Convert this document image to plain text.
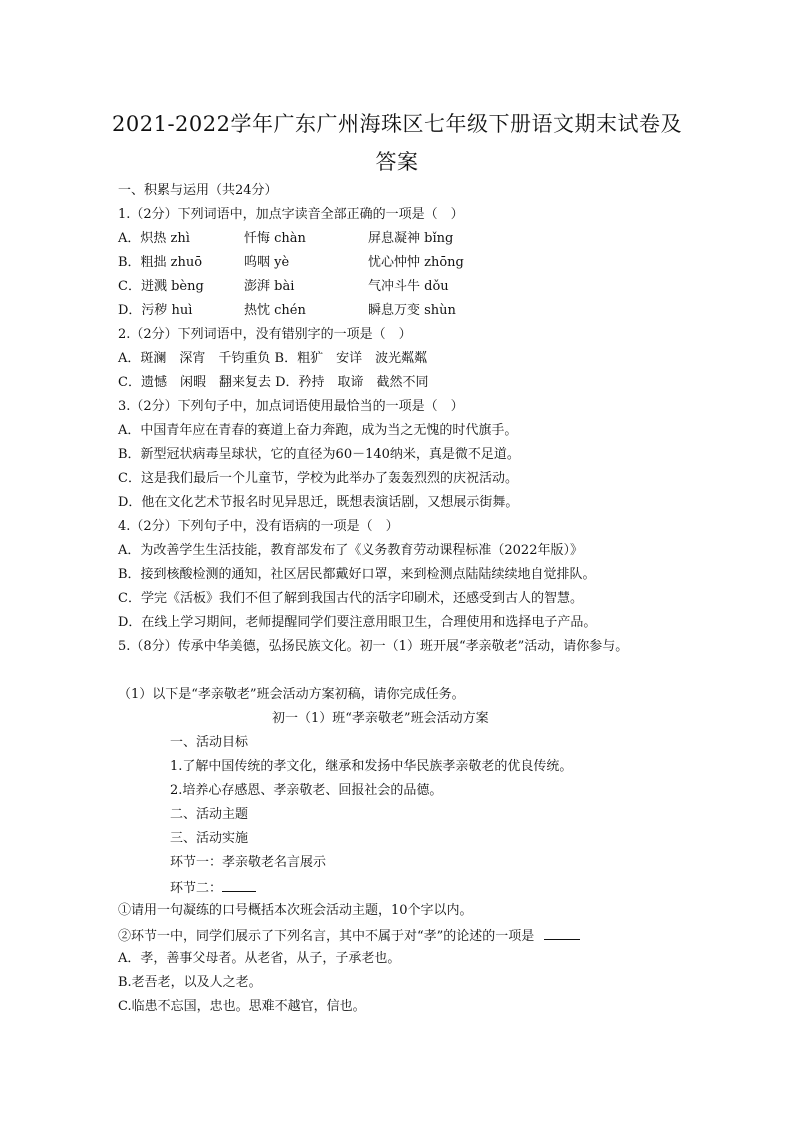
2021-2022学年广东广州海珠区七年级下册语文期末试卷及
答案
一、积累与运用（共24分）
1.（2分）下列词语中，加点字读音全部正确的一项是（　）
A．炽热 zhì	忏悔 chàn	屏息凝神 bǐng
B．粗拙 zhuō	呜咽 yè	忧心忡忡 zhōng
C．迸溅 bèng	澎湃 bài	气冲斗牛 dǒu
D．污秽 huì	热忱 chén	瞬息万变 shùn
2.（2分）下列词语中，没有错别字的一项是（　）
A．斑澜　深宵　千钧重负 B．粗犷　安详　波光粼粼
C．遗憾　闲暇　翻来复去 D．矜持　取谛　截然不同
3.（2分）下列句子中，加点词语使用最恰当的一项是（　）
A．中国青年应在青春的赛道上奋力奔跑，成为当之无愧的时代旗手。
B．新型冠状病毒呈球状，它的直径为60－140纳米，真是微不足道。
C．这是我们最后一个儿童节，学校为此举办了轰轰烈烈的庆祝活动。
D．他在文化艺术节报名时见异思迁，既想表演话剧，又想展示街舞。
4.（2分）下列句子中，没有语病的一项是（　）
A．为改善学生生活技能，教育部发布了《义务教育劳动课程标准（2022年版）》
B．接到核酸检测的通知，社区居民都戴好口罩，来到检测点陆陆续续地自觉排队。
C．学完《活板》我们不但了解到我国古代的活字印刷术，还感受到古人的智慧。
D．在线上学习期间，老师提醒同学们要注意用眼卫生，合理使用和选择电子产品。
5.（8分）传承中华美德，弘扬民族文化。初一（1）班开展“孝亲敬老”活动，请你参与。
（1）以下是“孝亲敬老”班会活动方案初稿，请你完成任务。
初一（1）班“孝亲敬老”班会活动方案
一、活动目标
1.了解中国传统的孝文化，继承和发扬中华民族孝亲敬老的优良传统。
2.培养心存感恩、孝亲敬老、回报社会的品德。
二、活动主题
三、活动实施
环节一：孝亲敬老名言展示
环节二：
①请用一句凝练的口号概括本次班会活动主题，10个字以内。
②环节一中，同学们展示了下列名言，其中不属于对“孝”的论述的一项是
A．孝，善事父母者。从老省，从子，子承老也。
B.老吾老，以及人之老。
C.临患不忘国，忠也。思难不越官，信也。
